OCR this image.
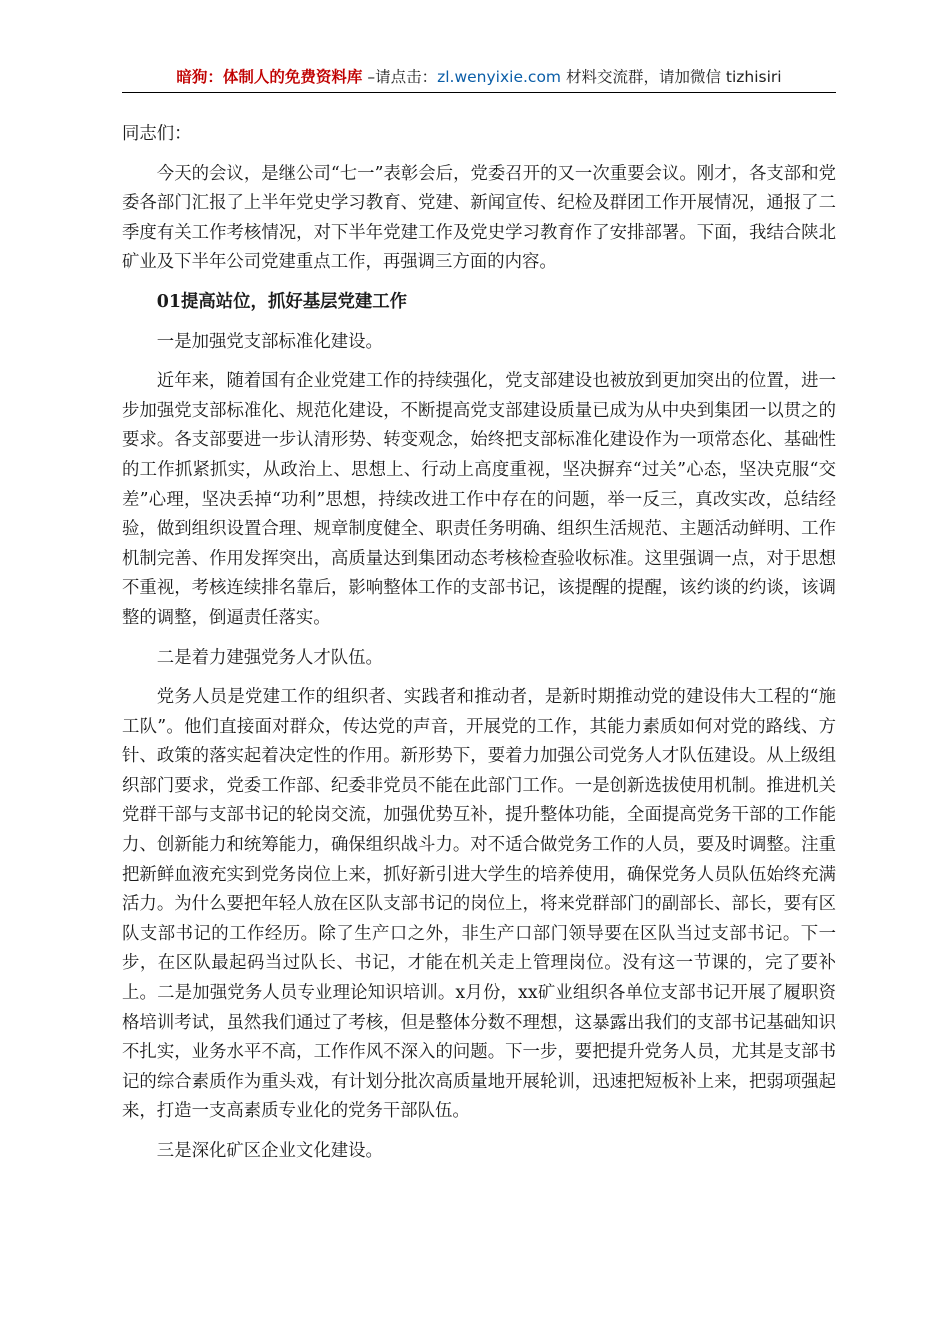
暗狗：体制人的免费资料库 –请点击：zl.wenyixie.com 材料交流群，请加微信 tizhisiri

同志们：

今天的会议，是继公司“七一”表彰会后，党委召开的又一次重要会议。刚才，各支部和党委各部门汇报了上半年党史学习教育、党建、新闻宣传、纪检及群团工作开展情况，通报了二季度有关工作考核情况，对下半年党建工作及党史学习教育作了安排部署。下面，我结合陕北矿业及下半年公司党建重点工作，再强调三方面的内容。

01提高站位，抓好基层党建工作

一是加强党支部标准化建设。

近年来，随着国有企业党建工作的持续强化，党支部建设也被放到更加突出的位置，进一步加强党支部标准化、规范化建设，不断提高党支部建设质量已成为从中央到集团一以贯之的要求。各支部要进一步认清形势、转变观念，始终把支部标准化建设作为一项常态化、基础性的工作抓紧抓实，从政治上、思想上、行动上高度重视，坚决摒弃“过关”心态，坚决克服“交差”心理，坚决丢掉“功利”思想，持续改进工作中存在的问题，举一反三，真改实改，总结经验，做到组织设置合理、规章制度健全、职责任务明确、组织生活规范、主题活动鲜明、工作机制完善、作用发挥突出，高质量达到集团动态考核检查验收标准。这里强调一点，对于思想不重视，考核连续排名靠后，影响整体工作的支部书记，该提醒的提醒，该约谈的约谈，该调整的调整，倒逼责任落实。

二是着力建强党务人才队伍。

党务人员是党建工作的组织者、实践者和推动者，是新时期推动党的建设伟大工程的“施工队”。他们直接面对群众，传达党的声音，开展党的工作，其能力素质如何对党的路线、方针、政策的落实起着决定性的作用。新形势下，要着力加强公司党务人才队伍建设。从上级组织部门要求，党委工作部、纪委非党员不能在此部门工作。一是创新选拔使用机制。推进机关党群干部与支部书记的轮岗交流，加强优势互补，提升整体功能，全面提高党务干部的工作能力、创新能力和统筹能力，确保组织战斗力。对不适合做党务工作的人员，要及时调整。注重把新鲜血液充实到党务岗位上来，抓好新引进大学生的培养使用，确保党务人员队伍始终充满活力。为什么要把年轻人放在区队支部书记的岗位上，将来党群部门的副部长、部长，要有区队支部书记的工作经历。除了生产口之外，非生产口部门领导要在区队当过支部书记。下一步，在区队最起码当过队长、书记，才能在机关走上管理岗位。没有这一节课的，完了要补上。二是加强党务人员专业理论知识培训。x月份，xx矿业组织各单位支部书记开展了履职资格培训考试，虽然我们通过了考核，但是整体分数不理想，这暴露出我们的支部书记基础知识不扎实，业务水平不高，工作作风不深入的问题。下一步，要把提升党务人员，尤其是支部书记的综合素质作为重头戏，有计划分批次高质量地开展轮训，迅速把短板补上来，把弱项强起来，打造一支高素质专业化的党务干部队伍。

三是深化矿区企业文化建设。
